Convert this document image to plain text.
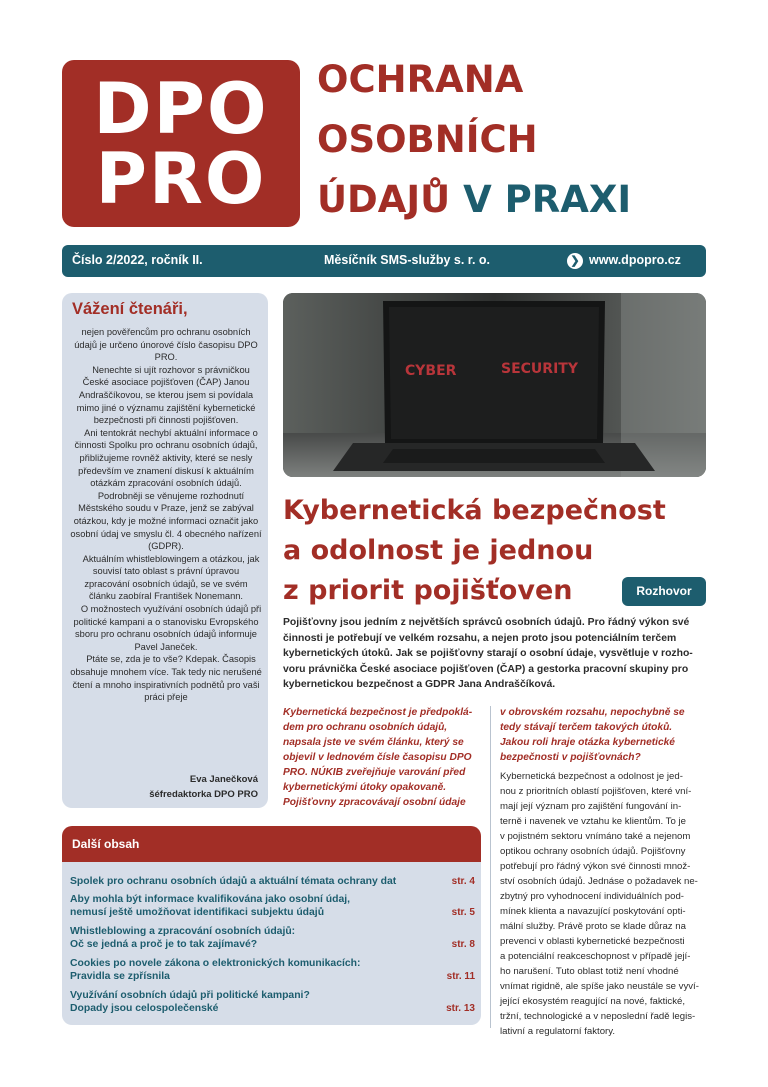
DPO
PRO
OCHRANA
OSOBNÍCH
ÚDAJŮ V PRAXI
Číslo 2/2022, ročník II.	Měsíčník SMS-služby s. r. o.	❯ www.dpopro.cz
Vážení čtenáři,

nejen pověřencům pro ochranu osobních údajů je určeno únorové číslo časopisu DPO PRO.

Nenechte si ujít rozhovor s právničkou České asociace pojišťoven (ČAP) Janou Andraščíkovou, se kterou jsem si povídala mimo jiné o významu zajištění kybernetické bezpečnosti při činnosti pojišťoven.

Ani tentokrát nechybí aktuální informace o činnosti Spolku pro ochranu osobních údajů, přibližujeme rovněž aktivity, které se nesly především ve znamení diskusí k aktuálním otázkám zpracování osobních údajů.

Podrobněji se věnujeme rozhodnutí Městského soudu v Praze, jenž se zabýval otázkou, kdy je možné informaci označit jako osobní údaj ve smyslu čl. 4 obecného nařízení (GDPR).

Aktuálním whistleblowingem a otázkou, jak souvisí tato oblast s právní úpravou zpracování osobních údajů, se ve svém článku zaobíral František Nonemann.

O možnostech využívání osobních údajů při politické kampani a o stanovisku Evropského sboru pro ochranu osobních údajů informuje Pavel Janeček.

Ptáte se, zda je to vše? Kdepak. Časopis obsahuje mnohem více. Tak tedy nic nerušené čtení a mnoho inspirativních podnětů pro vaši práci přeje

Eva Janečková
šéfredaktorka DPO PRO
CYBER	SECURITY
Kybernetická bezpečnost
a odolnost je jednou
z priorit pojišťoven	Rozhovor
Pojišťovny jsou jedním z největších správců osobních údajů. Pro řádný výkon své
činnosti je potřebují ve velkém rozsahu, a nejen proto jsou potenciálním terčem
kybernetických útoků. Jak se pojišťovny starají o osobní údaje, vysvětluje v rozho-
voru právnička České asociace pojišťoven (ČAP) a gestorka pracovní skupiny pro
kybernetickou bezpečnost a GDPR Jana Andraščíková.
Kybernetická bezpečnost je předpoklá-
dem pro ochranu osobních údajů,
napsala jste ve svém článku, který se
objevil v lednovém čísle časopisu DPO
PRO. NÚKIB zveřejňuje varování před
kybernetickými útoky opakovaně.
Pojišťovny zpracovávají osobní údaje
v obrovském rozsahu, nepochybně se
tedy stávají terčem takových útoků.
Jakou roli hraje otázka kybernetické
bezpečnosti v pojišťovnách?
Kybernetická bezpečnost a odolnost je jed-
nou z prioritních oblastí pojišťoven, které vní-
mají její význam pro zajištění fungování in-
terně i navenek ve vztahu ke klientům. To je
v pojistném sektoru vnímáno také a nejenom
optikou ochrany osobních údajů. Pojišťovny
potřebují pro řádný výkon své činnosti množ-
ství osobních údajů. Jednáse o požadavek ne-
zbytný pro vyhodnocení individuálních pod-
mínek klienta a navazující poskytování opti-
mální služby. Právě proto se klade důraz na
prevenci v oblasti kybernetické bezpečnosti
a potenciální reakceschopnost v případě její-
ho narušení. Tuto oblast totiž není vhodné
vnímat rigidně, ale spíše jako neustále se vyví-
jející ekosystém reagující na nové, faktické,
tržní, technologické a v neposlední řadě legis-
lativní a regulatorní faktory.
Další obsah
Spolek pro ochranu osobních údajů a aktuální témata ochrany dat	str. 4
Aby mohla být informace kvalifikována jako osobní údaj,
nemusí ještě umožňovat identifikaci subjektu údajů	str. 5
Whistleblowing a zpracování osobních údajů:
Oč se jedná a proč je to tak zajímavé?	str. 8
Cookies po novele zákona o elektronických komunikacích:
Pravidla se zpřísnila	str. 11
Využívání osobních údajů při politické kampani?
Dopady jsou celospolečenské	str. 13
